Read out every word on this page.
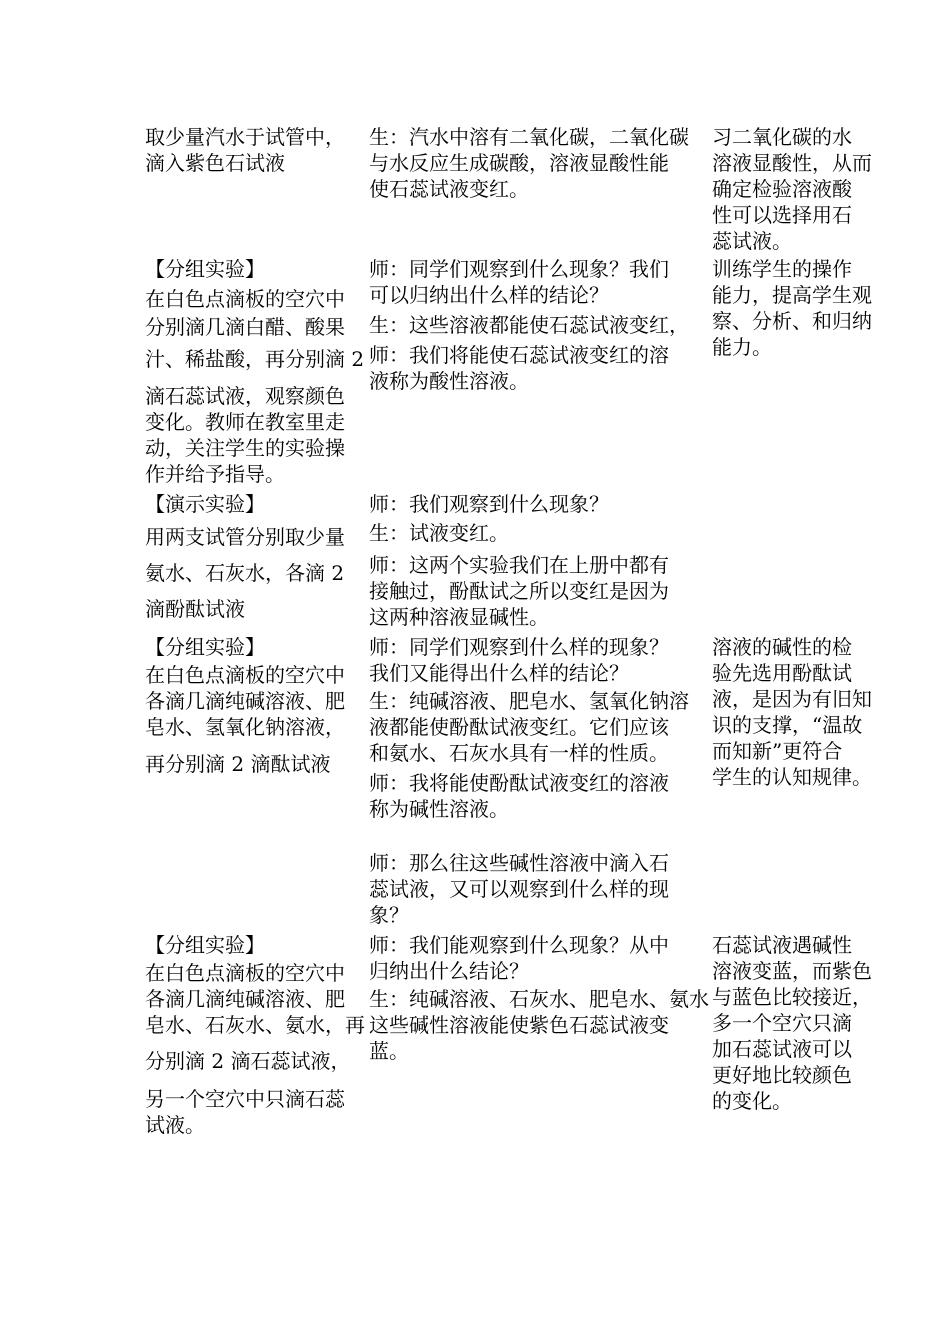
取少量汽水于试管中，
滴入紫色石试液
生：汽水中溶有二氧化碳，二氧化碳
与水反应生成碳酸，溶液显酸性能
使石蕊试液变红。
习二氧化碳的水
溶液显酸性，从而
确定检验溶液酸
性可以选择用石
蕊试液。
【分组实验】
在白色点滴板的空穴中
分别滴几滴白醋、酸果
汁、稀盐酸，再分别滴 2
滴石蕊试液，观察颜色
变化。教师在教室里走
动，关注学生的实验操
作并给予指导。
师：同学们观察到什么现象？我们
可以归纳出什么样的结论？
生：这些溶液都能使石蕊试液变红，
师：我们将能使石蕊试液变红的溶
液称为酸性溶液。
训练学生的操作
能力，提高学生观
察、分析、和归纳
能力。
【演示实验】
用两支试管分别取少量
氨水、石灰水，各滴 2
滴酚酞试液
师：我们观察到什么现象？
生：试液变红。
师：这两个实验我们在上册中都有
接触过，酚酞试之所以变红是因为
这两种溶液显碱性。
【分组实验】
在白色点滴板的空穴中
各滴几滴纯碱溶液、肥
皂水、氢氧化钠溶液，
再分别滴 2 滴酞试液
师：同学们观察到什么样的现象？
我们又能得出什么样的结论？
生：纯碱溶液、肥皂水、氢氧化钠溶
液都能使酚酞试液变红。它们应该
和氨水、石灰水具有一样的性质。
师：我将能使酚酞试液变红的溶液
称为碱性溶液。
师：那么往这些碱性溶液中滴入石
蕊试液，又可以观察到什么样的现
象？
溶液的碱性的检
验先选用酚酞试
液，是因为有旧知
识的支撑，“温故
而知新”更符合
学生的认知规律。
【分组实验】
在白色点滴板的空穴中
各滴几滴纯碱溶液、肥
皂水、石灰水、氨水，再
分别滴 2 滴石蕊试液，
另一个空穴中只滴石蕊
试液。
师：我们能观察到什么现象？从中
归纳出什么结论？
生：纯碱溶液、石灰水、肥皂水、氨水
这些碱性溶液能使紫色石蕊试液变
蓝。
石蕊试液遇碱性
溶液变蓝，而紫色
与蓝色比较接近，
多一个空穴只滴
加石蕊试液可以
更好地比较颜色
的变化。
